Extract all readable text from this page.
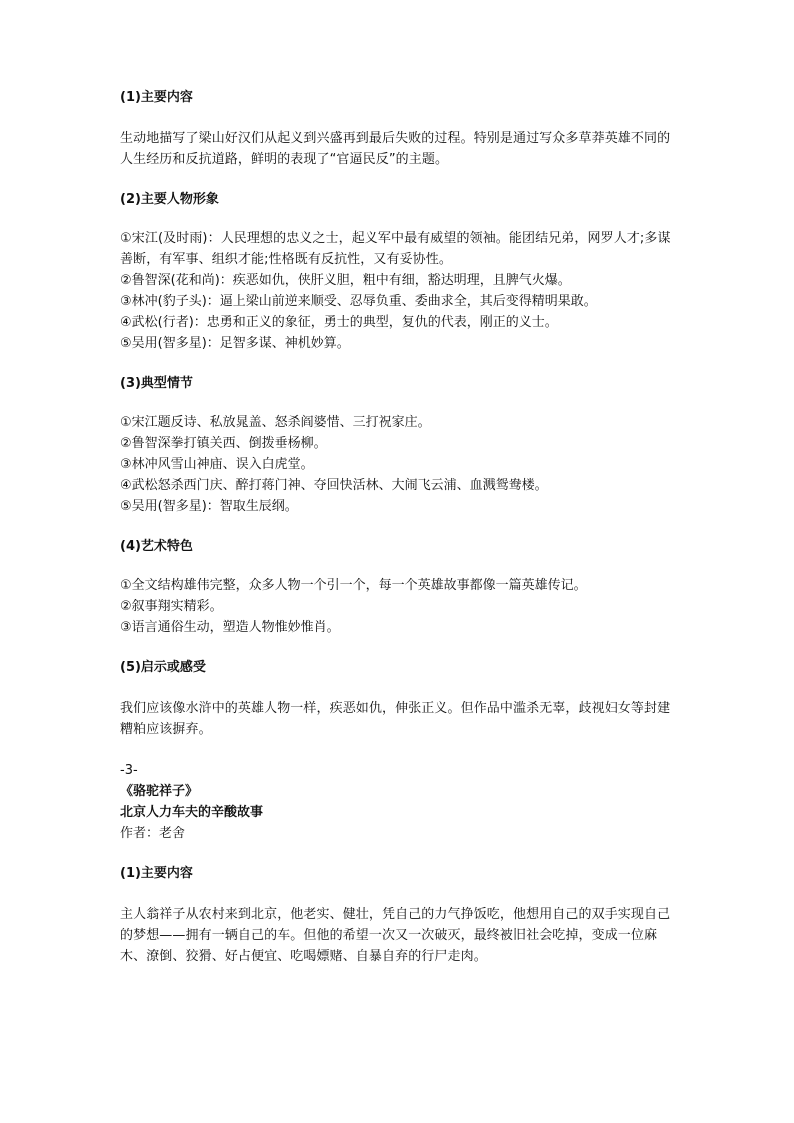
(1)主要内容

生动地描写了梁山好汉们从起义到兴盛再到最后失败的过程。特别是通过写众多草莽英雄不同的人生经历和反抗道路，鲜明的表现了“官逼民反”的主题。

(2)主要人物形象

①宋江(及时雨)：人民理想的忠义之士，起义军中最有威望的领袖。能团结兄弟，网罗人才;多谋善断，有军事、组织才能;性格既有反抗性，又有妥协性。

②鲁智深(花和尚)：疾恶如仇，侠肝义胆，粗中有细，豁达明理，且脾气火爆。

③林冲(豹子头)：逼上梁山前逆来顺受、忍辱负重、委曲求全，其后变得精明果敢。

④武松(行者)：忠勇和正义的象征，勇士的典型，复仇的代表，刚正的义士。

⑤吴用(智多星)：足智多谋、神机妙算。

(3)典型情节

①宋江题反诗、私放晁盖、怒杀阎婆惜、三打祝家庄。

②鲁智深拳打镇关西、倒拨垂杨柳。

③林冲风雪山神庙、误入白虎堂。

④武松怒杀西门庆、醉打蒋门神、夺回快活林、大闹飞云浦、血溅鸳鸯楼。

⑤吴用(智多星)：智取生辰纲。

(4)艺术特色

①全文结构雄伟完整，众多人物一个引一个，每一个英雄故事都像一篇英雄传记。

②叙事翔实精彩。

③语言通俗生动，塑造人物惟妙惟肖。

(5)启示或感受

我们应该像水浒中的英雄人物一样，疾恶如仇，伸张正义。但作品中滥杀无辜，歧视妇女等封建糟粕应该摒弃。

-3-

《骆驼祥子》

北京人力车夫的辛酸故事

作者：老舍

(1)主要内容

主人翁祥子从农村来到北京，他老实、健壮，凭自己的力气挣饭吃，他想用自己的双手实现自己的梦想——拥有一辆自己的车。但他的希望一次又一次破灭，最终被旧社会吃掉，变成一位麻木、潦倒、狡猾、好占便宜、吃喝嫖赌、自暴自弃的行尸走肉。
